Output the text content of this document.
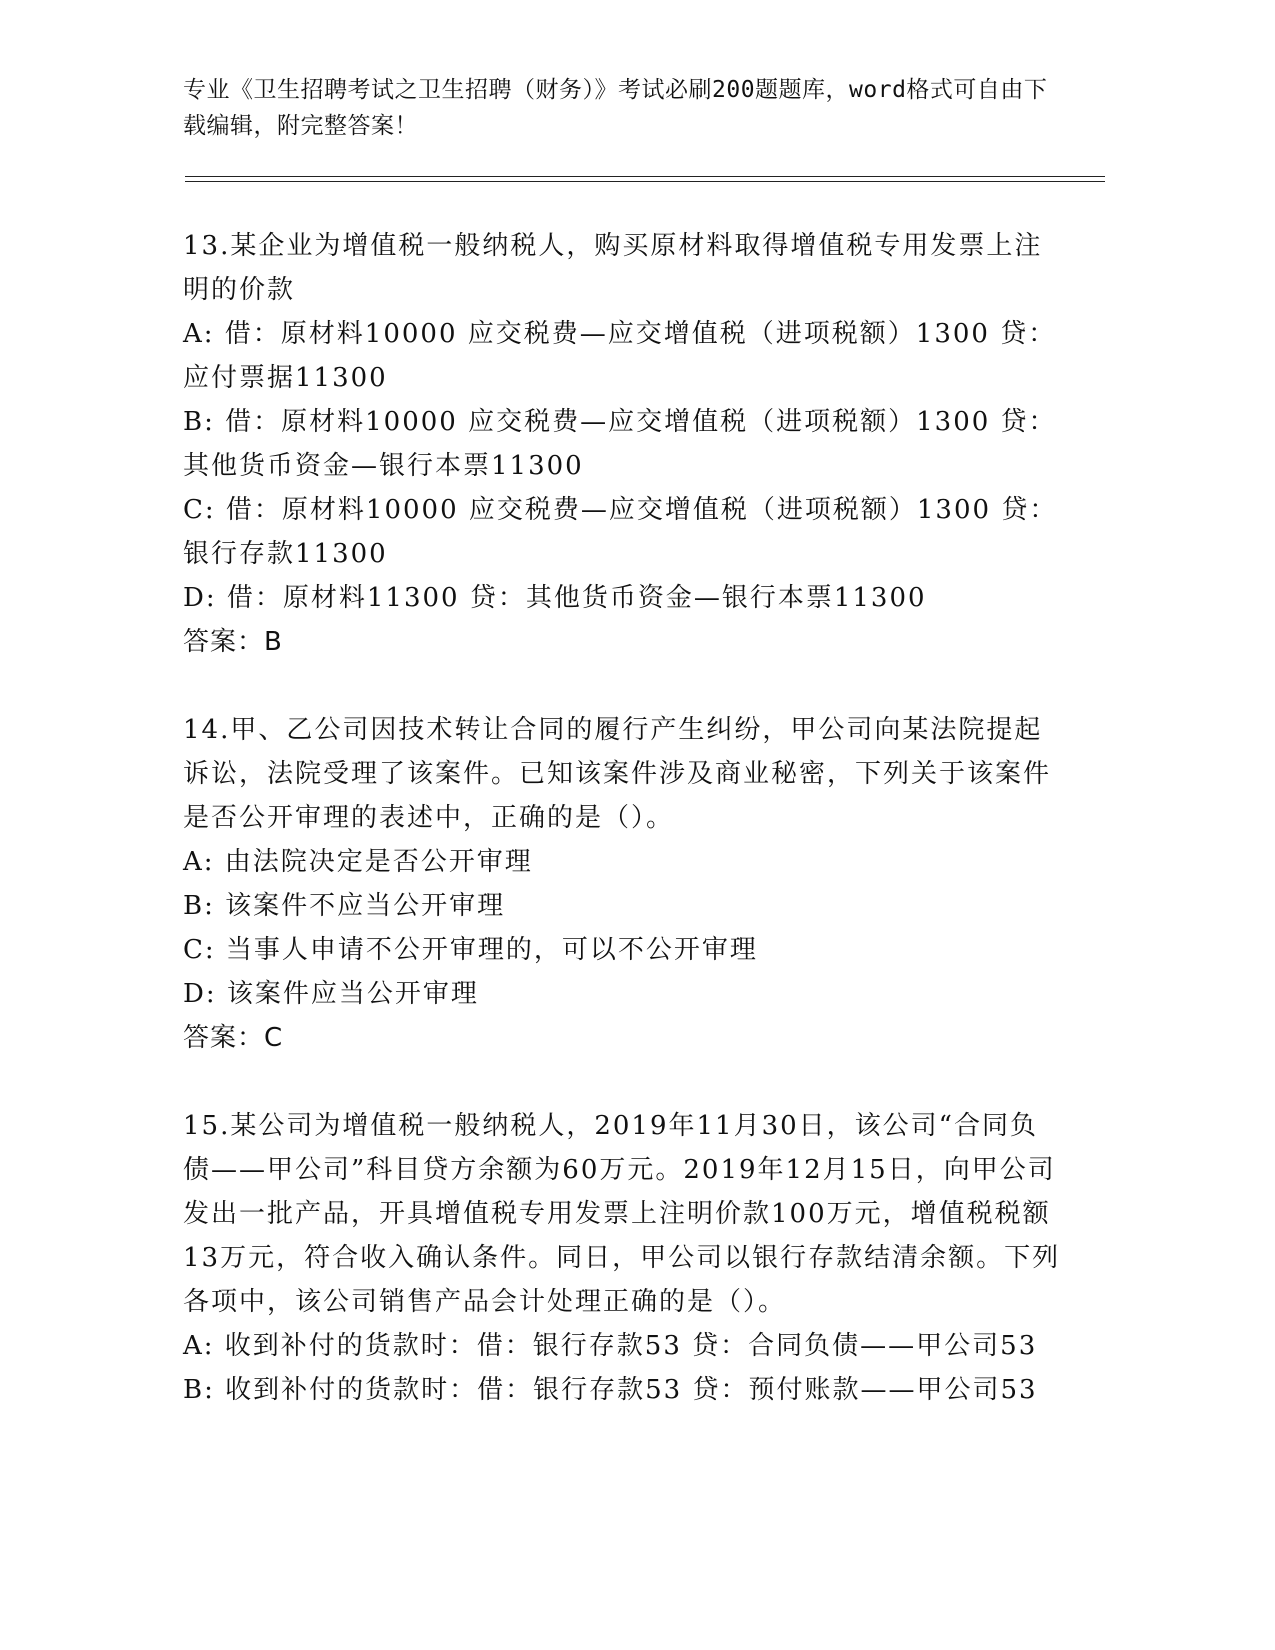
专业《卫生招聘考试之卫生招聘（财务）》考试必刷200题题库，word格式可自由下载编辑，附完整答案！
13.某企业为增值税一般纳税人，购买原材料取得增值税专用发票上注明的价款
A: 借：原材料10000 应交税费—应交增值税（进项税额）1300 贷：应付票据11300
B: 借：原材料10000 应交税费—应交增值税（进项税额）1300 贷：其他货币资金—银行本票11300
C: 借：原材料10000 应交税费—应交增值税（进项税额）1300 贷：银行存款11300
D: 借：原材料11300 贷：其他货币资金—银行本票11300
答案：B
14.甲、乙公司因技术转让合同的履行产生纠纷，甲公司向某法院提起诉讼，法院受理了该案件。已知该案件涉及商业秘密，下列关于该案件是否公开审理的表述中，正确的是（）。
A: 由法院决定是否公开审理
B: 该案件不应当公开审理
C: 当事人申请不公开审理的，可以不公开审理
D: 该案件应当公开审理
答案：C
15.某公司为增值税一般纳税人，2019年11月30日，该公司“合同负债——甲公司”科目贷方余额为60万元。2019年12月15日，向甲公司发出一批产品，开具增值税专用发票上注明价款100万元，增值税税额13万元，符合收入确认条件。同日，甲公司以银行存款结清余额。下列各项中，该公司销售产品会计处理正确的是（）。
A: 收到补付的货款时：借：银行存款53 贷：合同负债——甲公司53
B: 收到补付的货款时：借：银行存款53 贷：预付账款——甲公司53
